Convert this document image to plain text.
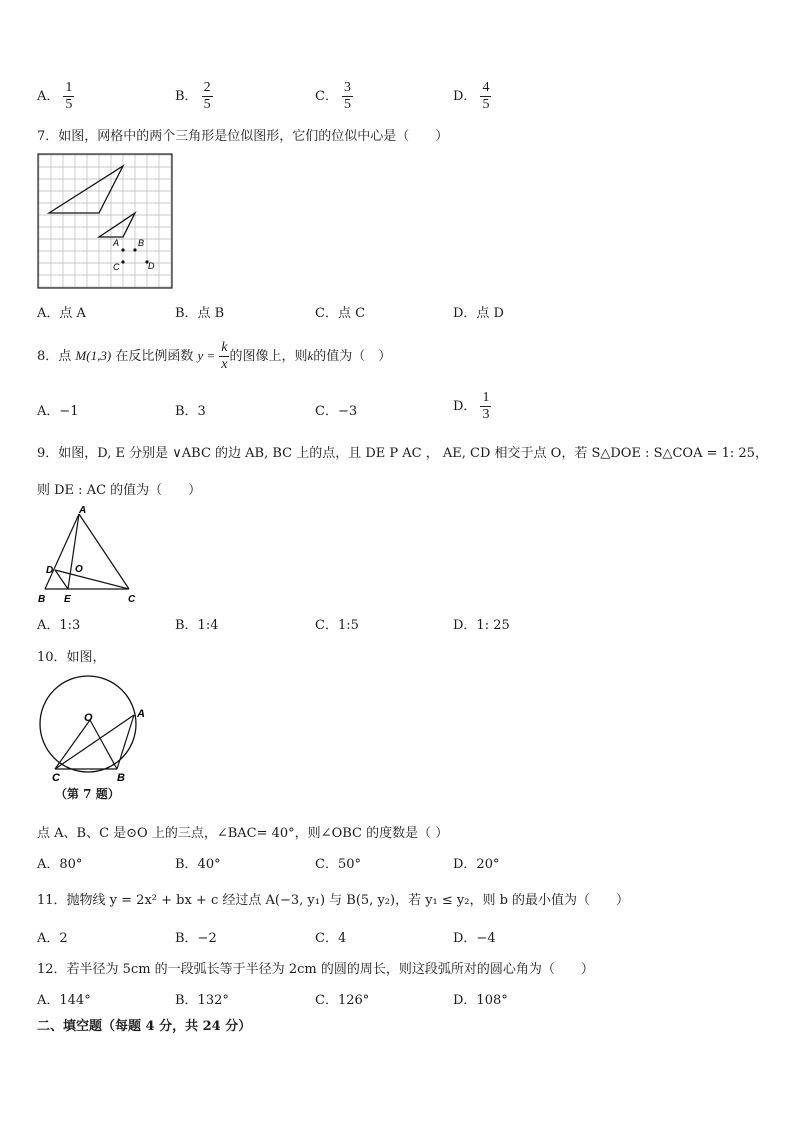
A． $\frac{1}{5}$	B． $\frac{2}{5}$	C． $\frac{3}{5}$	D． $\frac{4}{5}$
7．如图，网格中的两个三角形是位似图形，它们的位似中心是（　　）
A B
C	D
A．点 A	B．点 B	C．点 C	D．点 D
8．点 M(1,3) 在反比例函数 $y = \frac{k}{x}$ 的图像上，则k的值为（　）
A．−1	B．3	C．−3	D． $\frac{1}{3}$
9．如图，D, E 分别是 ∨ABC 的边 AB, BC 上的点，且 DE P AC ， AE, CD 相交于点 O，若 S△DOE : S△COA = 1: 25，
则 DE : AC 的值为（　　）
A
D O
B E	C
A．1:3	B．1:4	C．1:5	D．1: 25
10．如图，
O	A
C	B
（第 7 题）
点 A、B、C 是⊙O 上的三点，∠BAC= 40°，则∠OBC 的度数是（ ）
A．80°	B．40°	C．50°	D．20°
11．抛物线 y = 2x² + bx + c 经过点 A(−3, y₁) 与 B(5, y₂)，若 y₁ ≤ y₂，则 b 的最小值为（　　）
A．2	B．−2	C．4	D．−4
12．若半径为 5cm 的一段弧长等于半径为 2cm 的圆的周长，则这段弧所对的圆心角为（　　）
A．144°	B．132°	C．126°	D．108°
二、填空题（每题 4 分，共 24 分）
